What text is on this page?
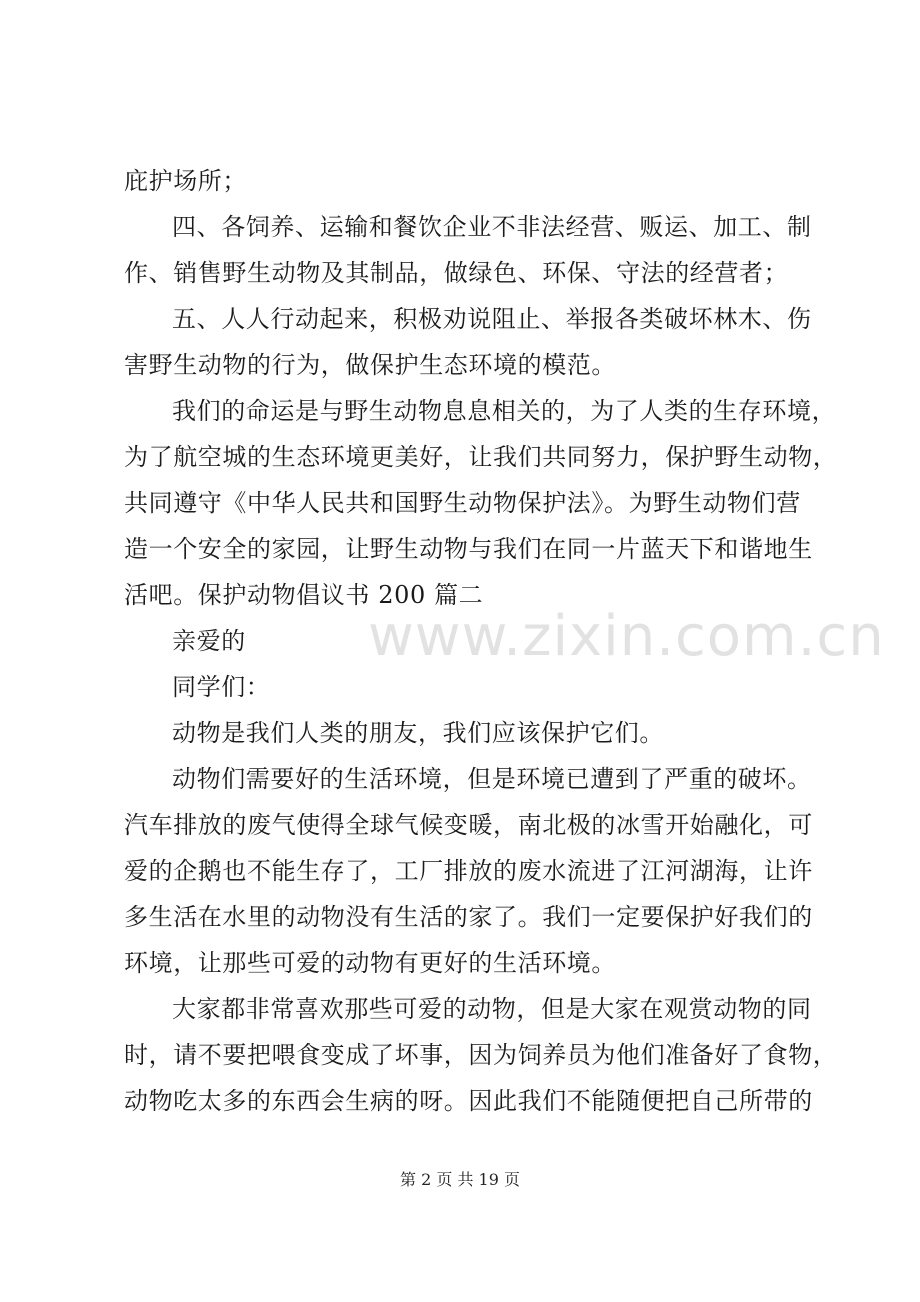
庇护场所；
四、各饲养、运输和餐饮企业不非法经营、贩运、加工、制
作、销售野生动物及其制品，做绿色、环保、守法的经营者；
五、人人行动起来，积极劝说阻止、举报各类破坏林木、伤
害野生动物的行为，做保护生态环境的模范。
我们的命运是与野生动物息息相关的，为了人类的生存环境，
为了航空城的生态环境更美好，让我们共同努力，保护野生动物，
共同遵守《中华人民共和国野生动物保护法》。为野生动物们营
造一个安全的家园，让野生动物与我们在同一片蓝天下和谐地生
活吧。保护动物倡议书 200 篇二
亲爱的
同学们：
动物是我们人类的朋友，我们应该保护它们。
动物们需要好的生活环境，但是环境已遭到了严重的破坏。
汽车排放的废气使得全球气候变暖，南北极的冰雪开始融化，可
爱的企鹅也不能生存了，工厂排放的废水流进了江河湖海，让许
多生活在水里的动物没有生活的家了。我们一定要保护好我们的
环境，让那些可爱的动物有更好的生活环境。
大家都非常喜欢那些可爱的动物，但是大家在观赏动物的同
时，请不要把喂食变成了坏事，因为饲养员为他们准备好了食物，
动物吃太多的东西会生病的呀。因此我们不能随便把自己所带的
www.zixin.com.cn
第 2 页 共 19 页
